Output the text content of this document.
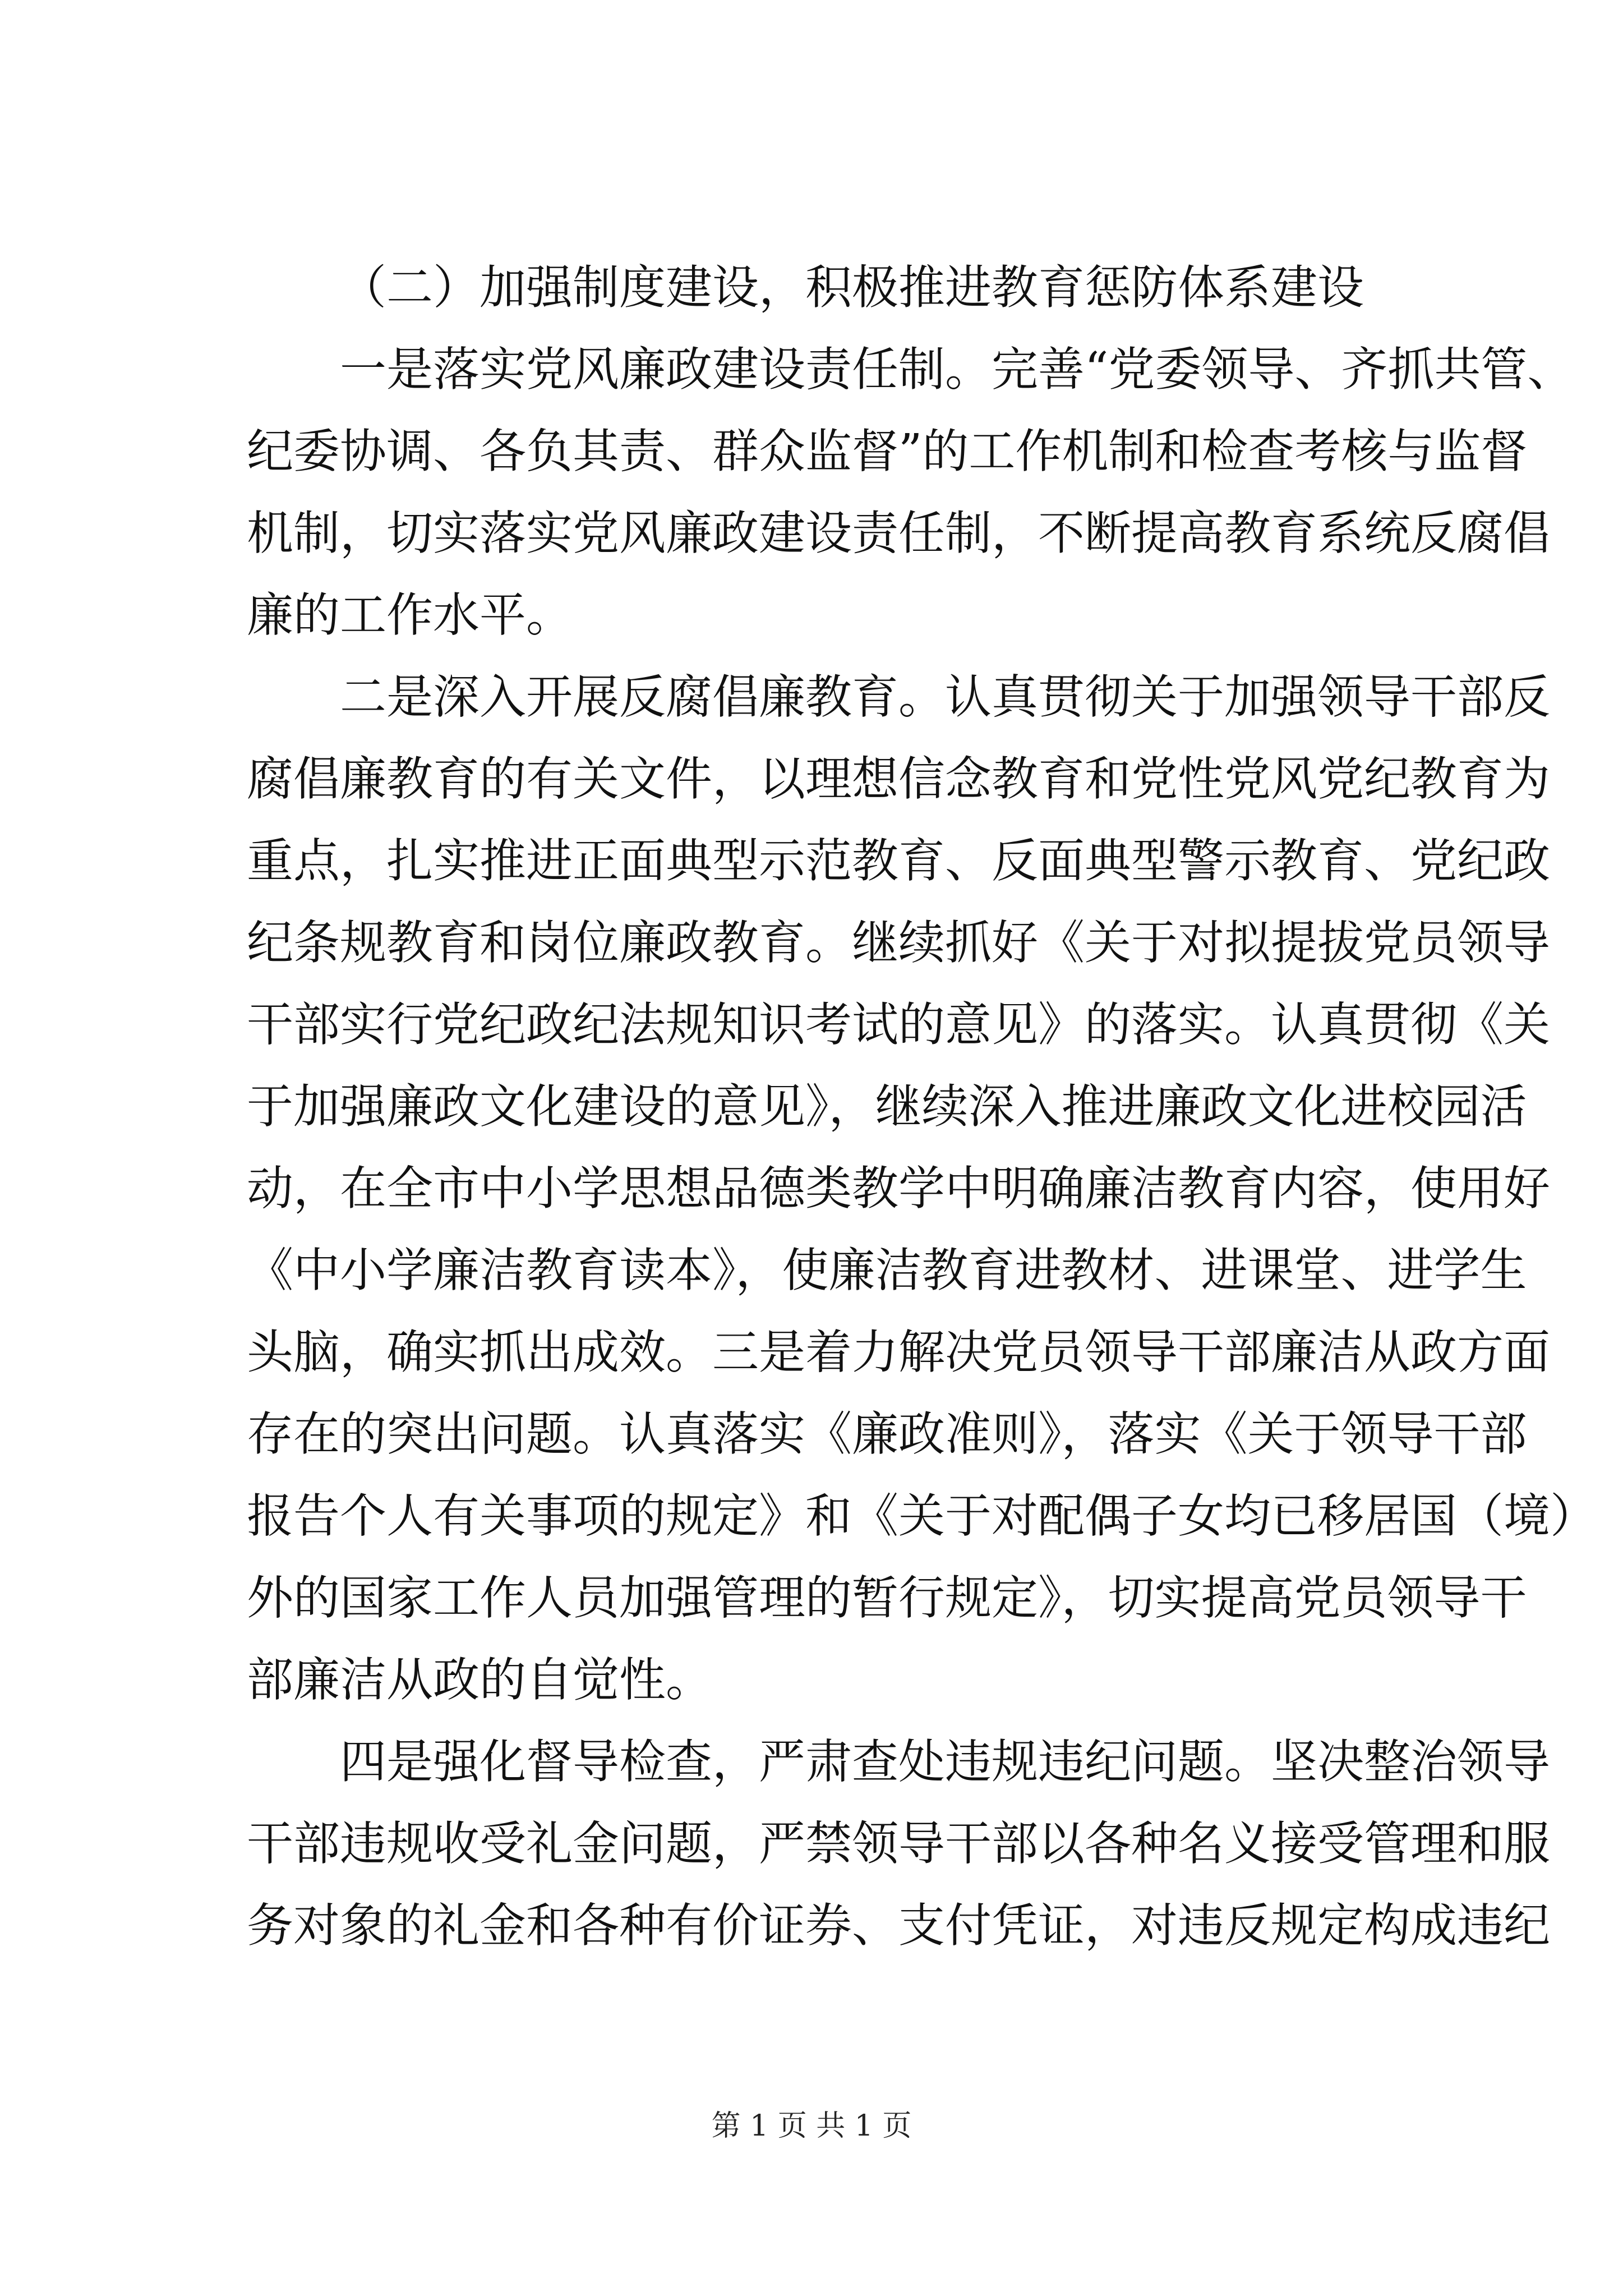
（二）加强制度建设，积极推进教育惩防体系建设
一是落实党风廉政建设责任制。完善“党委领导、齐抓共管、
纪委协调、各负其责、群众监督”的工作机制和检查考核与监督
机制，切实落实党风廉政建设责任制，不断提高教育系统反腐倡
廉的工作水平。
二是深入开展反腐倡廉教育。认真贯彻关于加强领导干部反
腐倡廉教育的有关文件，以理想信念教育和党性党风党纪教育为
重点，扎实推进正面典型示范教育、反面典型警示教育、党纪政
纪条规教育和岗位廉政教育。继续抓好《关于对拟提拔党员领导
干部实行党纪政纪法规知识考试的意见》的落实。认真贯彻《关
于加强廉政文化建设的意见》，继续深入推进廉政文化进校园活
动，在全市中小学思想品德类教学中明确廉洁教育内容，使用好
《中小学廉洁教育读本》，使廉洁教育进教材、进课堂、进学生
头脑，确实抓出成效。三是着力解决党员领导干部廉洁从政方面
存在的突出问题。认真落实《廉政准则》，落实《关于领导干部
报告个人有关事项的规定》和《关于对配偶子女均已移居国（境）
外的国家工作人员加强管理的暂行规定》，切实提高党员领导干
部廉洁从政的自觉性。
四是强化督导检查，严肃查处违规违纪问题。坚决整治领导
干部违规收受礼金问题，严禁领导干部以各种名义接受管理和服
务对象的礼金和各种有价证券、支付凭证，对违反规定构成违纪
第 1 页 共 1 页
